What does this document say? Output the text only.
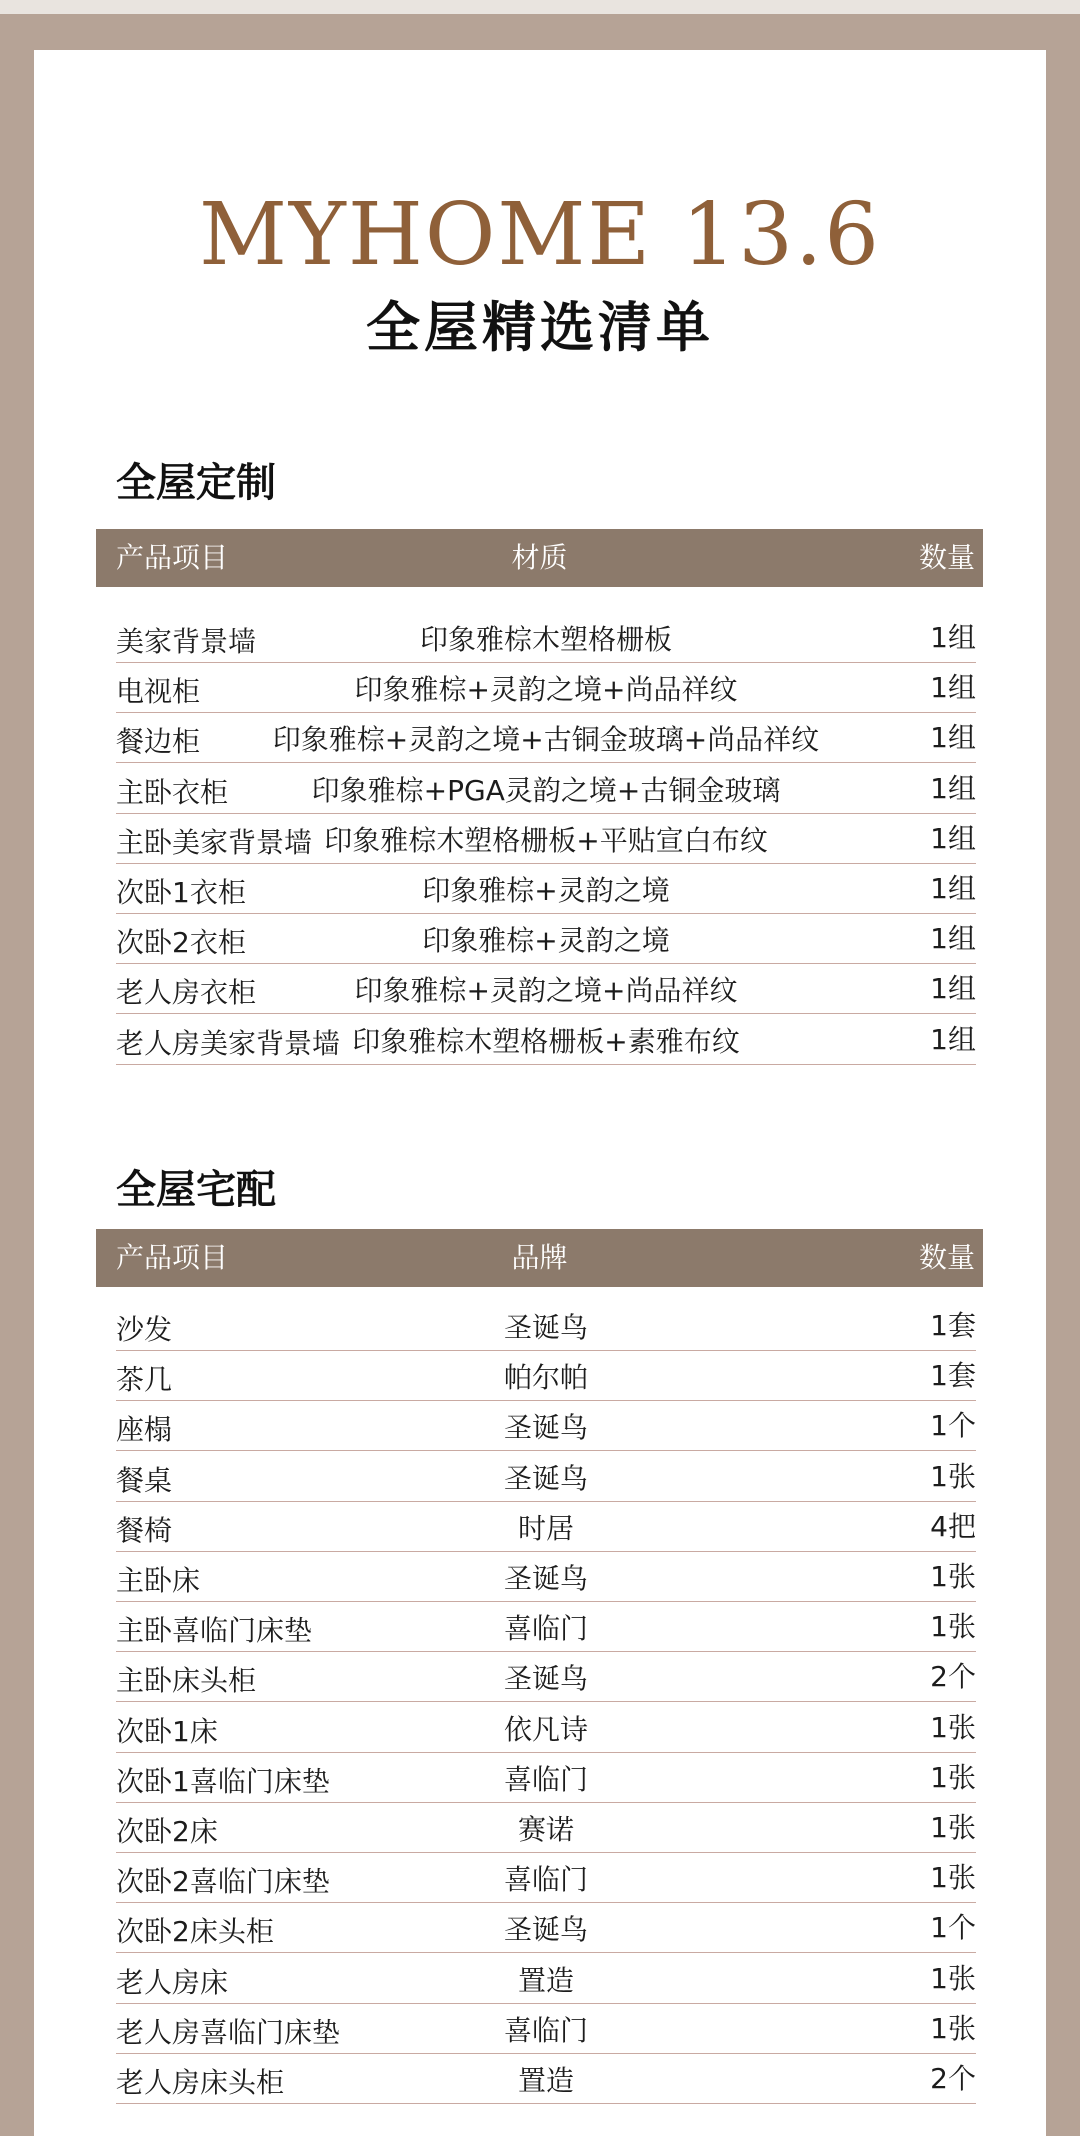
MYHOME 13.6
全屋精选清单
全屋定制
产品项目	材质	数量
美家背景墙	印象雅棕木塑格栅板	1组
电视柜	印象雅棕+灵韵之境+尚品祥纹	1组
餐边柜	印象雅棕+灵韵之境+古铜金玻璃+尚品祥纹	1组
主卧衣柜	印象雅棕+PGA灵韵之境+古铜金玻璃	1组
主卧美家背景墙 印象雅棕木塑格栅板+平贴宣白布纹	1组
次卧1衣柜	印象雅棕+灵韵之境	1组
次卧2衣柜	印象雅棕+灵韵之境	1组
老人房衣柜	印象雅棕+灵韵之境+尚品祥纹	1组
老人房美家背景墙 印象雅棕木塑格栅板+素雅布纹	1组
全屋宅配
产品项目	品牌	数量
沙发	圣诞鸟	1套
茶几	帕尔帕	1套
座榻	圣诞鸟	1个
餐桌	圣诞鸟	1张
餐椅	时居	4把
主卧床	圣诞鸟	1张
主卧喜临门床垫	喜临门	1张
主卧床头柜	圣诞鸟	2个
次卧1床	依凡诗	1张
次卧1喜临门床垫	喜临门	1张
次卧2床	赛诺	1张
次卧2喜临门床垫	喜临门	1张
次卧2床头柜	圣诞鸟	1个
老人房床	置造	1张
老人房喜临门床垫	喜临门	1张
老人房床头柜	置造	2个
